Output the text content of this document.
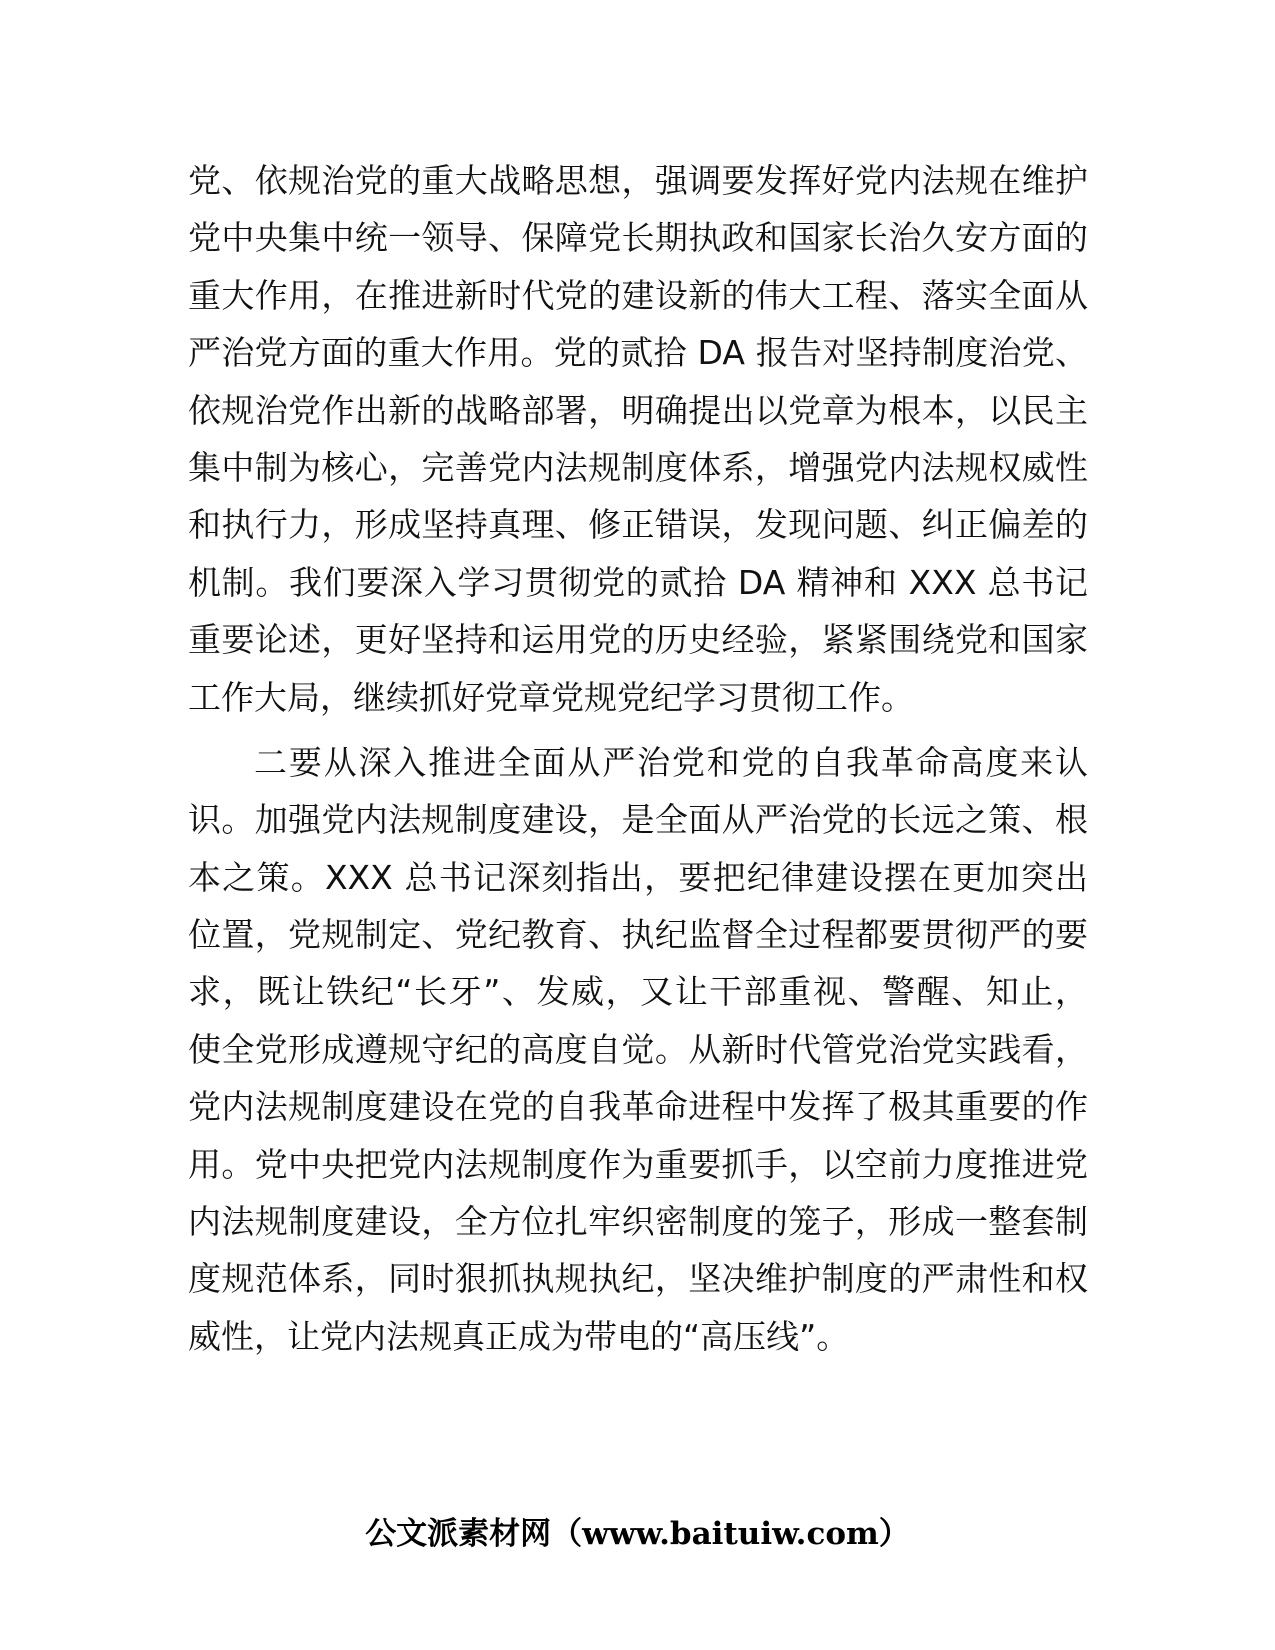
党、依规治党的重大战略思想，强调要发挥好党内法规在维护
党中央集中统一领导、保障党长期执政和国家长治久安方面的
重大作用，在推进新时代党的建设新的伟大工程、落实全面从
严治党方面的重大作用。党的贰拾 DA 报告对坚持制度治党、
依规治党作出新的战略部署，明确提出以党章为根本，以民主
集中制为核心，完善党内法规制度体系，增强党内法规权威性
和执行力，形成坚持真理、修正错误，发现问题、纠正偏差的
机制。我们要深入学习贯彻党的贰拾 DA 精神和 XXX 总书记
重要论述，更好坚持和运用党的历史经验，紧紧围绕党和国家
工作大局，继续抓好党章党规党纪学习贯彻工作。
二要从深入推进全面从严治党和党的自我革命高度来认
识。加强党内法规制度建设，是全面从严治党的长远之策、根
本之策。XXX 总书记深刻指出，要把纪律建设摆在更加突出
位置，党规制定、党纪教育、执纪监督全过程都要贯彻严的要
求，既让铁纪“长牙”、发威，又让干部重视、警醒、知止，
使全党形成遵规守纪的高度自觉。从新时代管党治党实践看，
党内法规制度建设在党的自我革命进程中发挥了极其重要的作
用。党中央把党内法规制度作为重要抓手，以空前力度推进党
内法规制度建设，全方位扎牢织密制度的笼子，形成一整套制
度规范体系，同时狠抓执规执纪，坚决维护制度的严肃性和权
威性，让党内法规真正成为带电的“高压线”。
公文派素材网（www.baituiw.com）
